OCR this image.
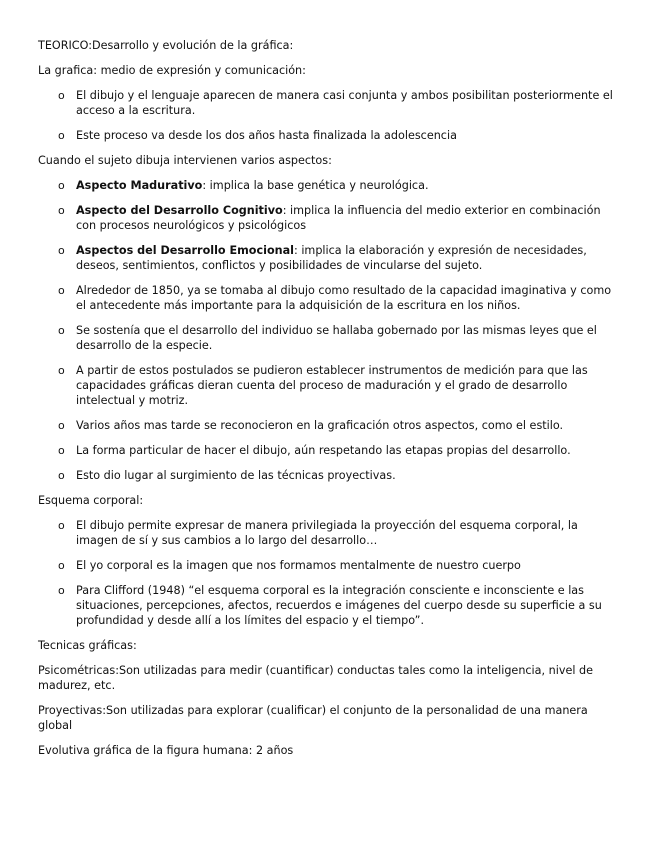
TEORICO:Desarrollo y evolución de la gráfica:

La grafica: medio de expresión y comunicación:

o El dibujo y el lenguaje aparecen de manera casi conjunta y ambos posibilitan posteriormente el acceso a la escritura.
o Este proceso va desde los dos años hasta finalizada la adolescencia

Cuando el sujeto dibuja intervienen varios aspectos:

o Aspecto Madurativo: implica la base genética y neurológica.
o Aspecto del Desarrollo Cognitivo: implica la influencia del medio exterior en combinación con procesos neurológicos y psicológicos
o Aspectos del Desarrollo Emocional: implica la elaboración y expresión de necesidades, deseos, sentimientos, conflictos y posibilidades de vincularse del sujeto.
o Alrededor de 1850, ya se tomaba al dibujo como resultado de la capacidad imaginativa y como el antecedente más importante para la adquisición de la escritura en los niños.
o Se sostenía que el desarrollo del individuo se hallaba gobernado por las mismas leyes que el desarrollo de la especie.
o A partir de estos postulados se pudieron establecer instrumentos de medición para que las capacidades gráficas dieran cuenta del proceso de maduración y el grado de desarrollo intelectual y motriz.
o Varios años mas tarde se reconocieron en la graficación otros aspectos, como el estilo.
o La forma particular de hacer el dibujo, aún respetando las etapas propias del desarrollo.
o Esto dio lugar al surgimiento de las técnicas proyectivas.

Esquema corporal:

o El dibujo permite expresar de manera privilegiada la proyección del esquema corporal, la imagen de sí y sus cambios a lo largo del desarrollo…
o El yo corporal es la imagen que nos formamos mentalmente de nuestro cuerpo
o Para Clifford (1948) “el esquema corporal es la integración consciente e inconsciente e las situaciones, percepciones, afectos, recuerdos e imágenes del cuerpo desde su superficie a su profundidad y desde allí a los límites del espacio y el tiempo”.

Tecnicas gráficas:

Psicométricas:Son utilizadas para medir (cuantificar) conductas tales como la inteligencia, nivel de madurez, etc.

Proyectivas:Son utilizadas para explorar (cualificar) el conjunto de la personalidad de una manera global

Evolutiva gráfica de la figura humana: 2 años
